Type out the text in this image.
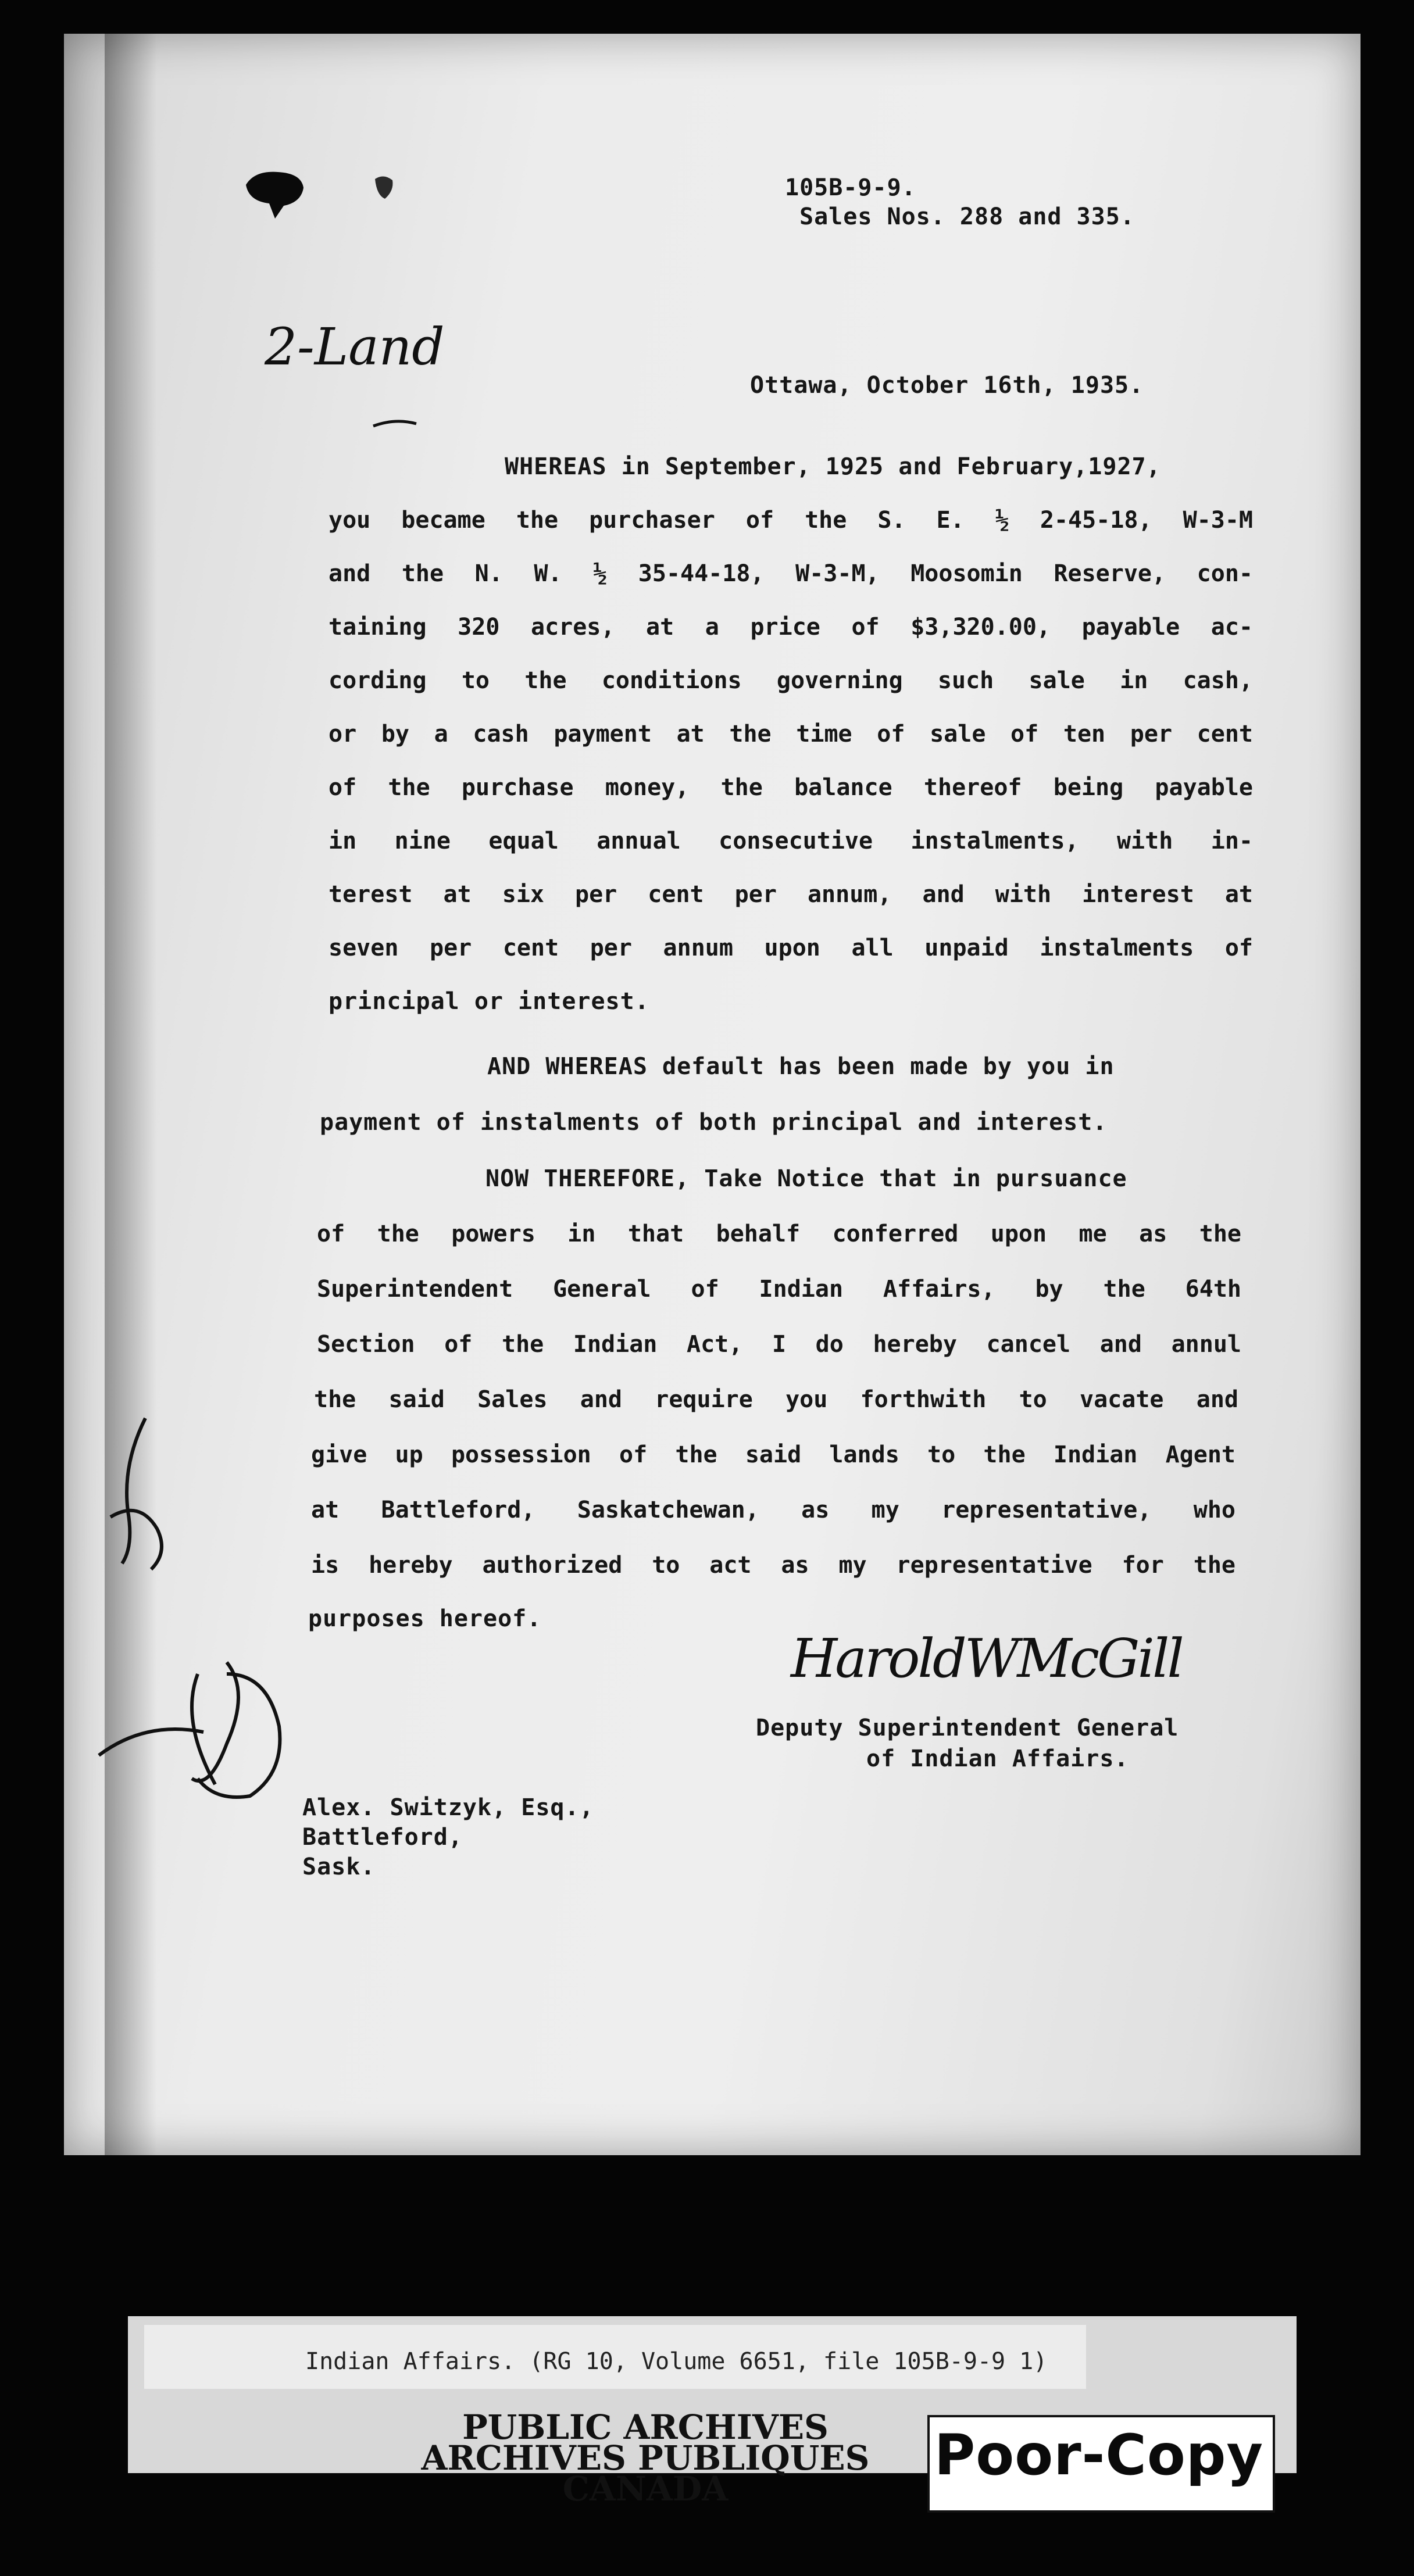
105B-9-9.
Sales Nos. 288 and 335.
2-Land
Ottawa, October 16th, 1935.
WHEREAS in September, 1925 and February,1927,
you became the purchaser of the S. E. ½ 2-45-18, W-3-M
and the N. W. ½ 35-44-18, W-3-M, Moosomin Reserve, con-
taining 320 acres, at a price of $3,320.00, payable ac-
cording to the conditions governing such sale in cash,
or by a cash payment at the time of sale of ten per cent
of the purchase money, the balance thereof being payable
in nine equal annual consecutive instalments, with in-
terest at six per cent per annum, and with interest at
seven per cent per annum upon all unpaid instalments of
principal or interest.
AND WHEREAS default has been made by you in
payment of instalments of both principal and interest.
NOW THEREFORE, Take Notice that in pursuance
of the powers in that behalf conferred upon me as the
Superintendent General of Indian Affairs, by the 64th
Section of the Indian Act, I do hereby cancel and annul
the said Sales and require you forthwith to vacate and
give up possession of the said lands to the Indian Agent
at Battleford, Saskatchewan, as my representative, who
is hereby authorized to act as my representative for the
purposes hereof.
HaroldWMcGill
Deputy Superintendent General
of Indian Affairs.
Alex. Switzyk, Esq.,
Battleford,
Sask.
Indian Affairs. (RG 10, Volume 6651, file 105B-9-9 1)
PUBLIC ARCHIVES
ARCHIVES PUBLIQUES
CANADA
Poor-Copy
